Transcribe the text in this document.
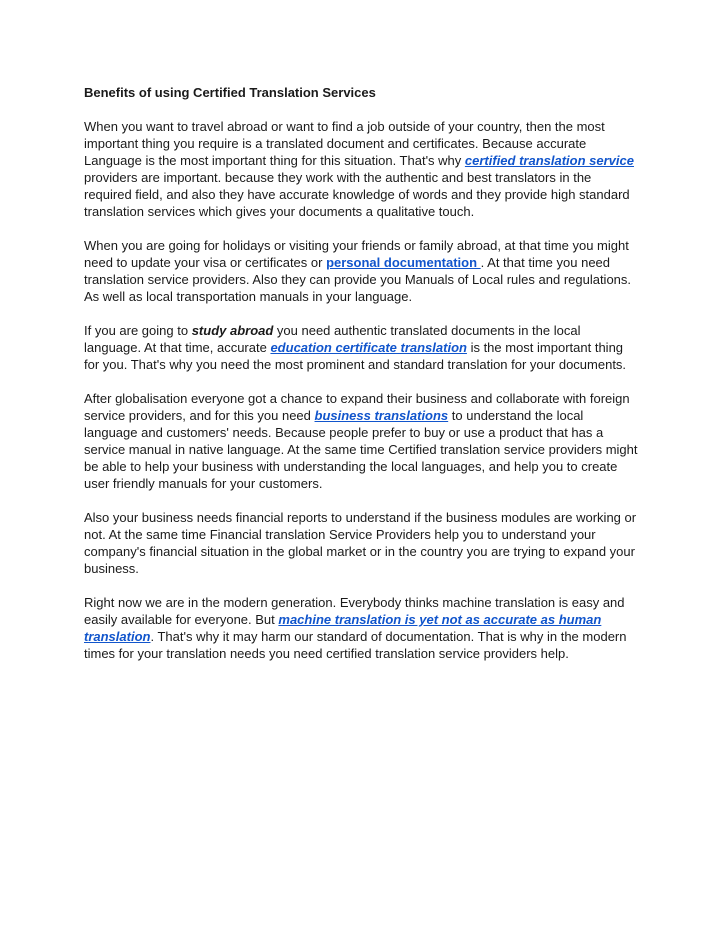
Benefits of using Certified Translation Services

When you want to travel abroad or want to find a job outside of your country, then the most important thing you require is a translated document and certificates. Because accurate Language is the most important thing for this situation. That's why certified translation service providers are important. because they work with the authentic and best translators in the required field, and also they have accurate knowledge of words and they provide high standard translation services which gives your documents a qualitative touch.

When you are going for holidays or visiting your friends or family abroad, at that time you might need to update your visa or certificates or personal documentation . At that time you need translation service providers. Also they can provide you Manuals of Local rules and regulations. As well as local transportation manuals in your language.

If you are going to study abroad you need authentic translated documents in the local language. At that time, accurate education certificate translation is the most important thing for you. That's why you need the most prominent and standard translation for your documents.

After globalisation everyone got a chance to expand their business and collaborate with foreign service providers, and for this you need business translations to understand the local language and customers' needs. Because people prefer to buy or use a product that has a service manual in native language. At the same time Certified translation service providers might be able to help your business with understanding the local languages, and help you to create user friendly manuals for your customers.

Also your business needs financial reports to understand if the business modules are working or not. At the same time Financial translation Service Providers help you to understand your company's financial situation in the global market or in the country you are trying to expand your business.

Right now we are in the modern generation. Everybody thinks machine translation is easy and easily available for everyone. But machine translation is yet not as accurate as human translation. That's why it may harm our standard of documentation. That is why in the modern times for your translation needs you need certified translation service providers help.
